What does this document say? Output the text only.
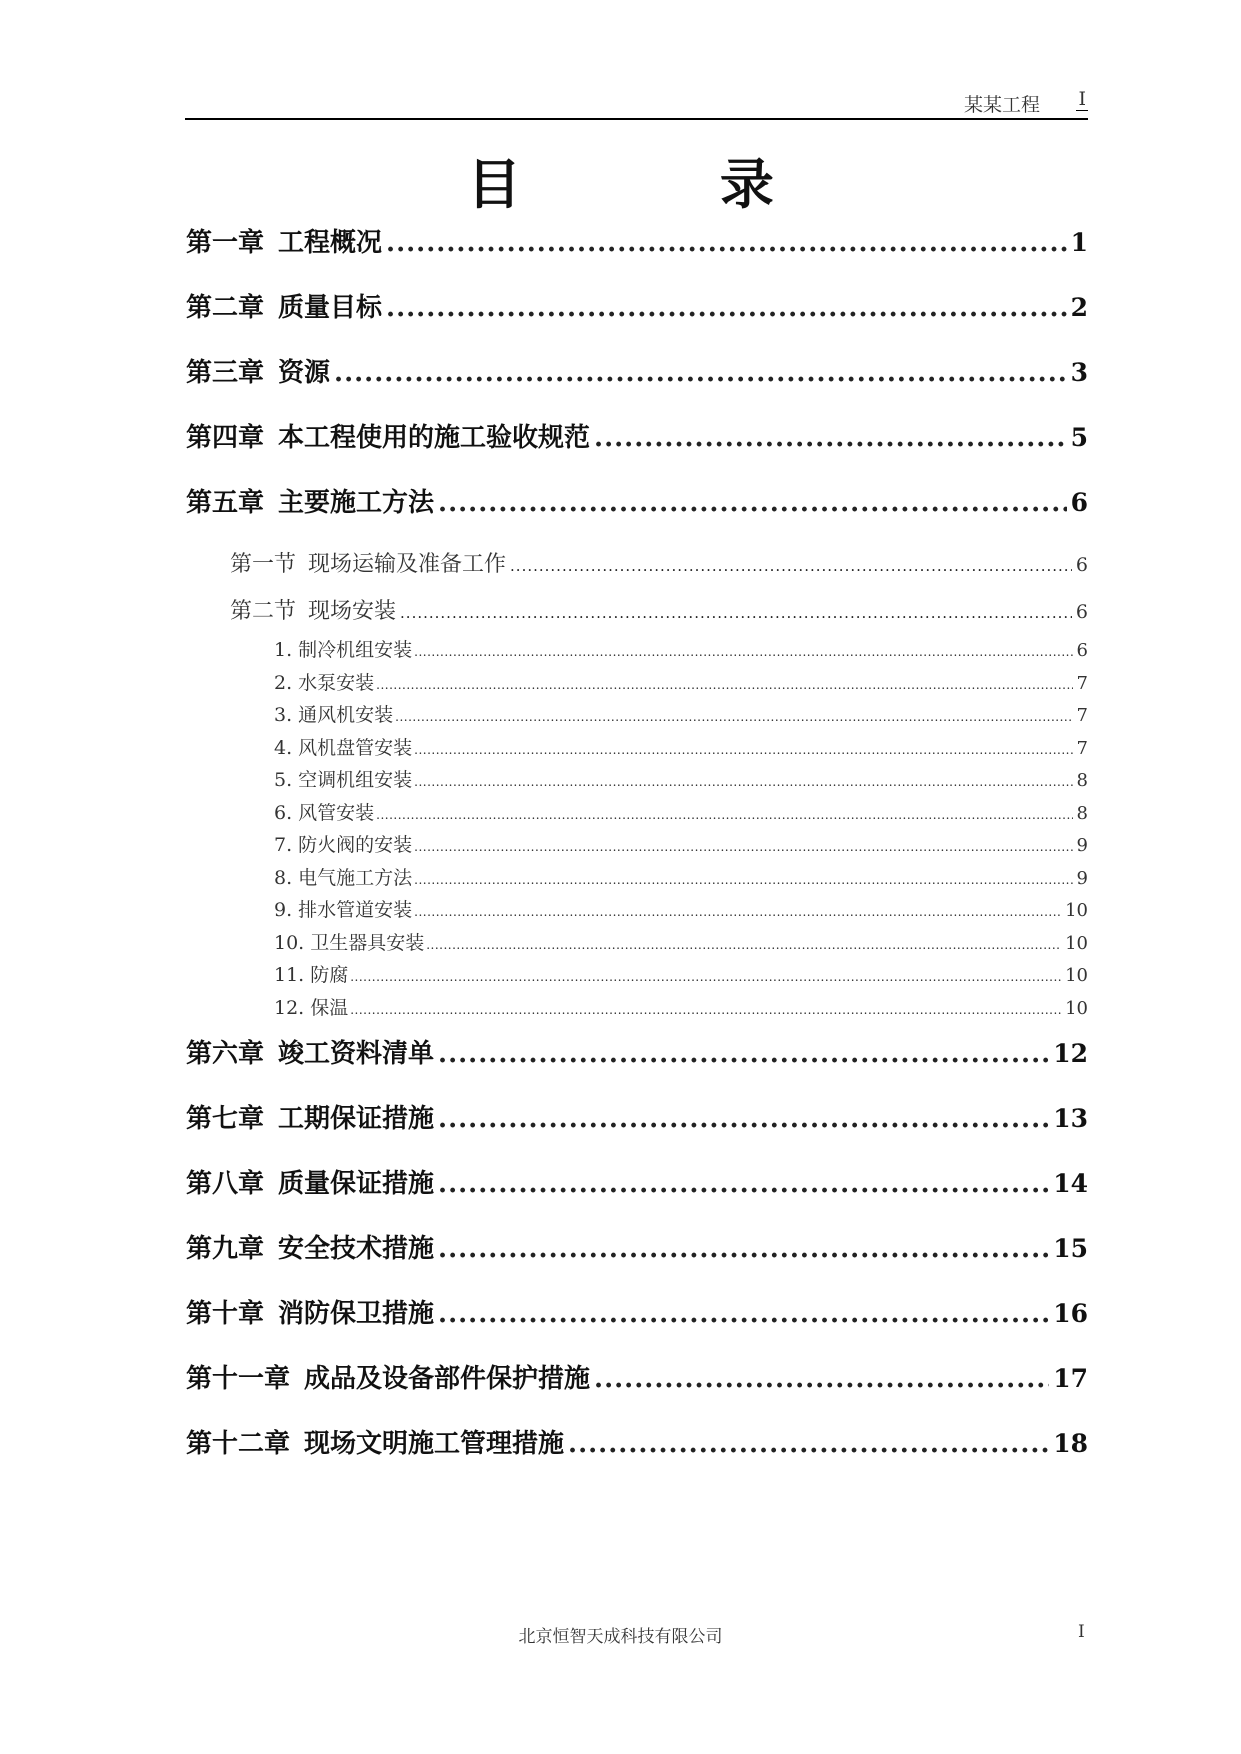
某某工程 I
目 录
第一章 工程概况 .....	1
第二章 质量目标 .....	2
第三章 资源 .....	3
第四章 本工程使用的施工验收规范 .....	5
第五章 主要施工方法 .....	6
第一节 现场运输及准备工作 .....	6
第二节 现场安装 .....	6
1. 制冷机组安装 .....	6
2. 水泵安装 .....	7
3. 通风机安装 .....	7
4. 风机盘管安装 .....	7
5. 空调机组安装 .....	8
6. 风管安装 .....	8
7. 防火阀的安装 .....	9
8. 电气施工方法 .....	9
9. 排水管道安装 .....	10
10. 卫生器具安装 .....	10
11. 防腐 .....	10
12. 保温 .....	10
第六章 竣工资料清单 .....	12
第七章 工期保证措施 .....	13
第八章 质量保证措施 .....	14
第九章 安全技术措施 .....	15
第十章 消防保卫措施 .....	16
第十一章 成品及设备部件保护措施 .....	17
第十二章 现场文明施工管理措施 .....	18
北京恒智天成科技有限公司	I
